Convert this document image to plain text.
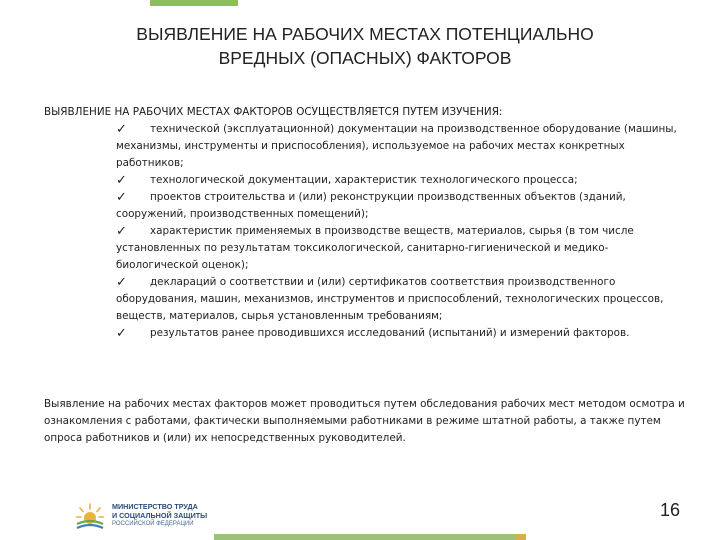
ВЫЯВЛЕНИЕ НА РАБОЧИХ МЕСТАХ ПОТЕНЦИАЛЬНО
ВРЕДНЫХ (ОПАСНЫХ) ФАКТОРОВ
ВЫЯВЛЕНИЕ НА РАБОЧИХ МЕСТАХ ФАКТОРОВ ОСУЩЕСТВЛЯЕТСЯ ПУТЕМ ИЗУЧЕНИЯ:
✓ технической (эксплуатационной) документации на производственное оборудование (машины, механизмы, инструменты и приспособления), используемое на рабочих местах конкретных работников;
✓ технологической документации, характеристик технологического процесса;
✓ проектов строительства и (или) реконструкции производственных объектов (зданий, сооружений, производственных помещений);
✓ характеристик применяемых в производстве веществ, материалов, сырья (в том числе установленных по результатам токсикологической, санитарно-гигиенической и медико-биологической оценок);
✓ деклараций о соответствии и (или) сертификатов соответствия производственного оборудования, машин, механизмов, инструментов и приспособлений, технологических процессов, веществ, материалов, сырья установленным требованиям;
✓ результатов ранее проводившихся исследований (испытаний) и измерений факторов.
Выявление на рабочих местах факторов может проводиться путем обследования рабочих мест методом осмотра и ознакомления с работами, фактически выполняемыми работниками в режиме штатной работы, а также путем опроса работников и (или) их непосредственных руководителей.
МИНИСТЕРСТВО ТРУДА
И СОЦИАЛЬНОЙ ЗАЩИТЫ
РОССИЙСКОЙ ФЕДЕРАЦИИ
16
